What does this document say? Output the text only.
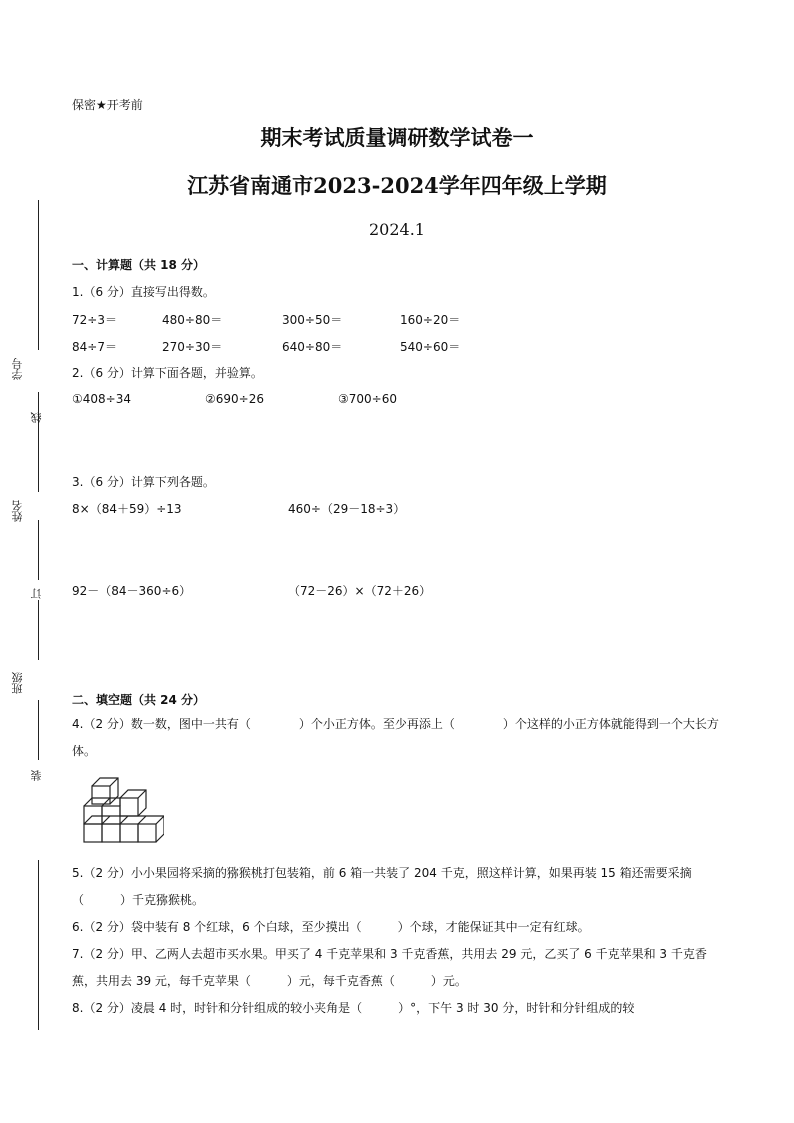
学号
姓名
班级
线
订
装
保密★开考前
期末考试质量调研数学试卷一
江苏省南通市2023-2024学年四年级上学期
2024.1
一、计算题（共 18 分）
1.（6 分）直接写出得数。
72÷3＝	480÷80＝	300÷50＝	160÷20＝
84÷7＝	270÷30＝	640÷80＝	540÷60＝
2.（6 分）计算下面各题，并验算。
①408÷34	②690÷26	③700÷60
3.（6 分）计算下列各题。
8×（84＋59）÷13	460÷（29－18÷3）
92－（84－360÷6）	（72－26）×（72＋26）
二、填空题（共 24 分）
4.（2 分）数一数，图中一共有（　　　　）个小正方体。至少再添上（　　　　）个这样的小正方体就能得到一个大长方体。
5.（2 分）小小果园将采摘的猕猴桃打包装箱，前 6 箱一共装了 204 千克，照这样计算，如果再装 15 箱还需要采摘（　　　）千克猕猴桃。
6.（2 分）袋中装有 8 个红球，6 个白球，至少摸出（　　　）个球，才能保证其中一定有红球。
7.（2 分）甲、乙两人去超市买水果。甲买了 4 千克苹果和 3 千克香蕉，共用去 29 元，乙买了 6 千克苹果和 3 千克香蕉，共用去 39 元，每千克苹果（　　　）元，每千克香蕉（　　　）元。
8.（2 分）凌晨 4 时，时针和分针组成的较小夹角是（　　　）°，下午 3 时 30 分，时针和分针组成的较
